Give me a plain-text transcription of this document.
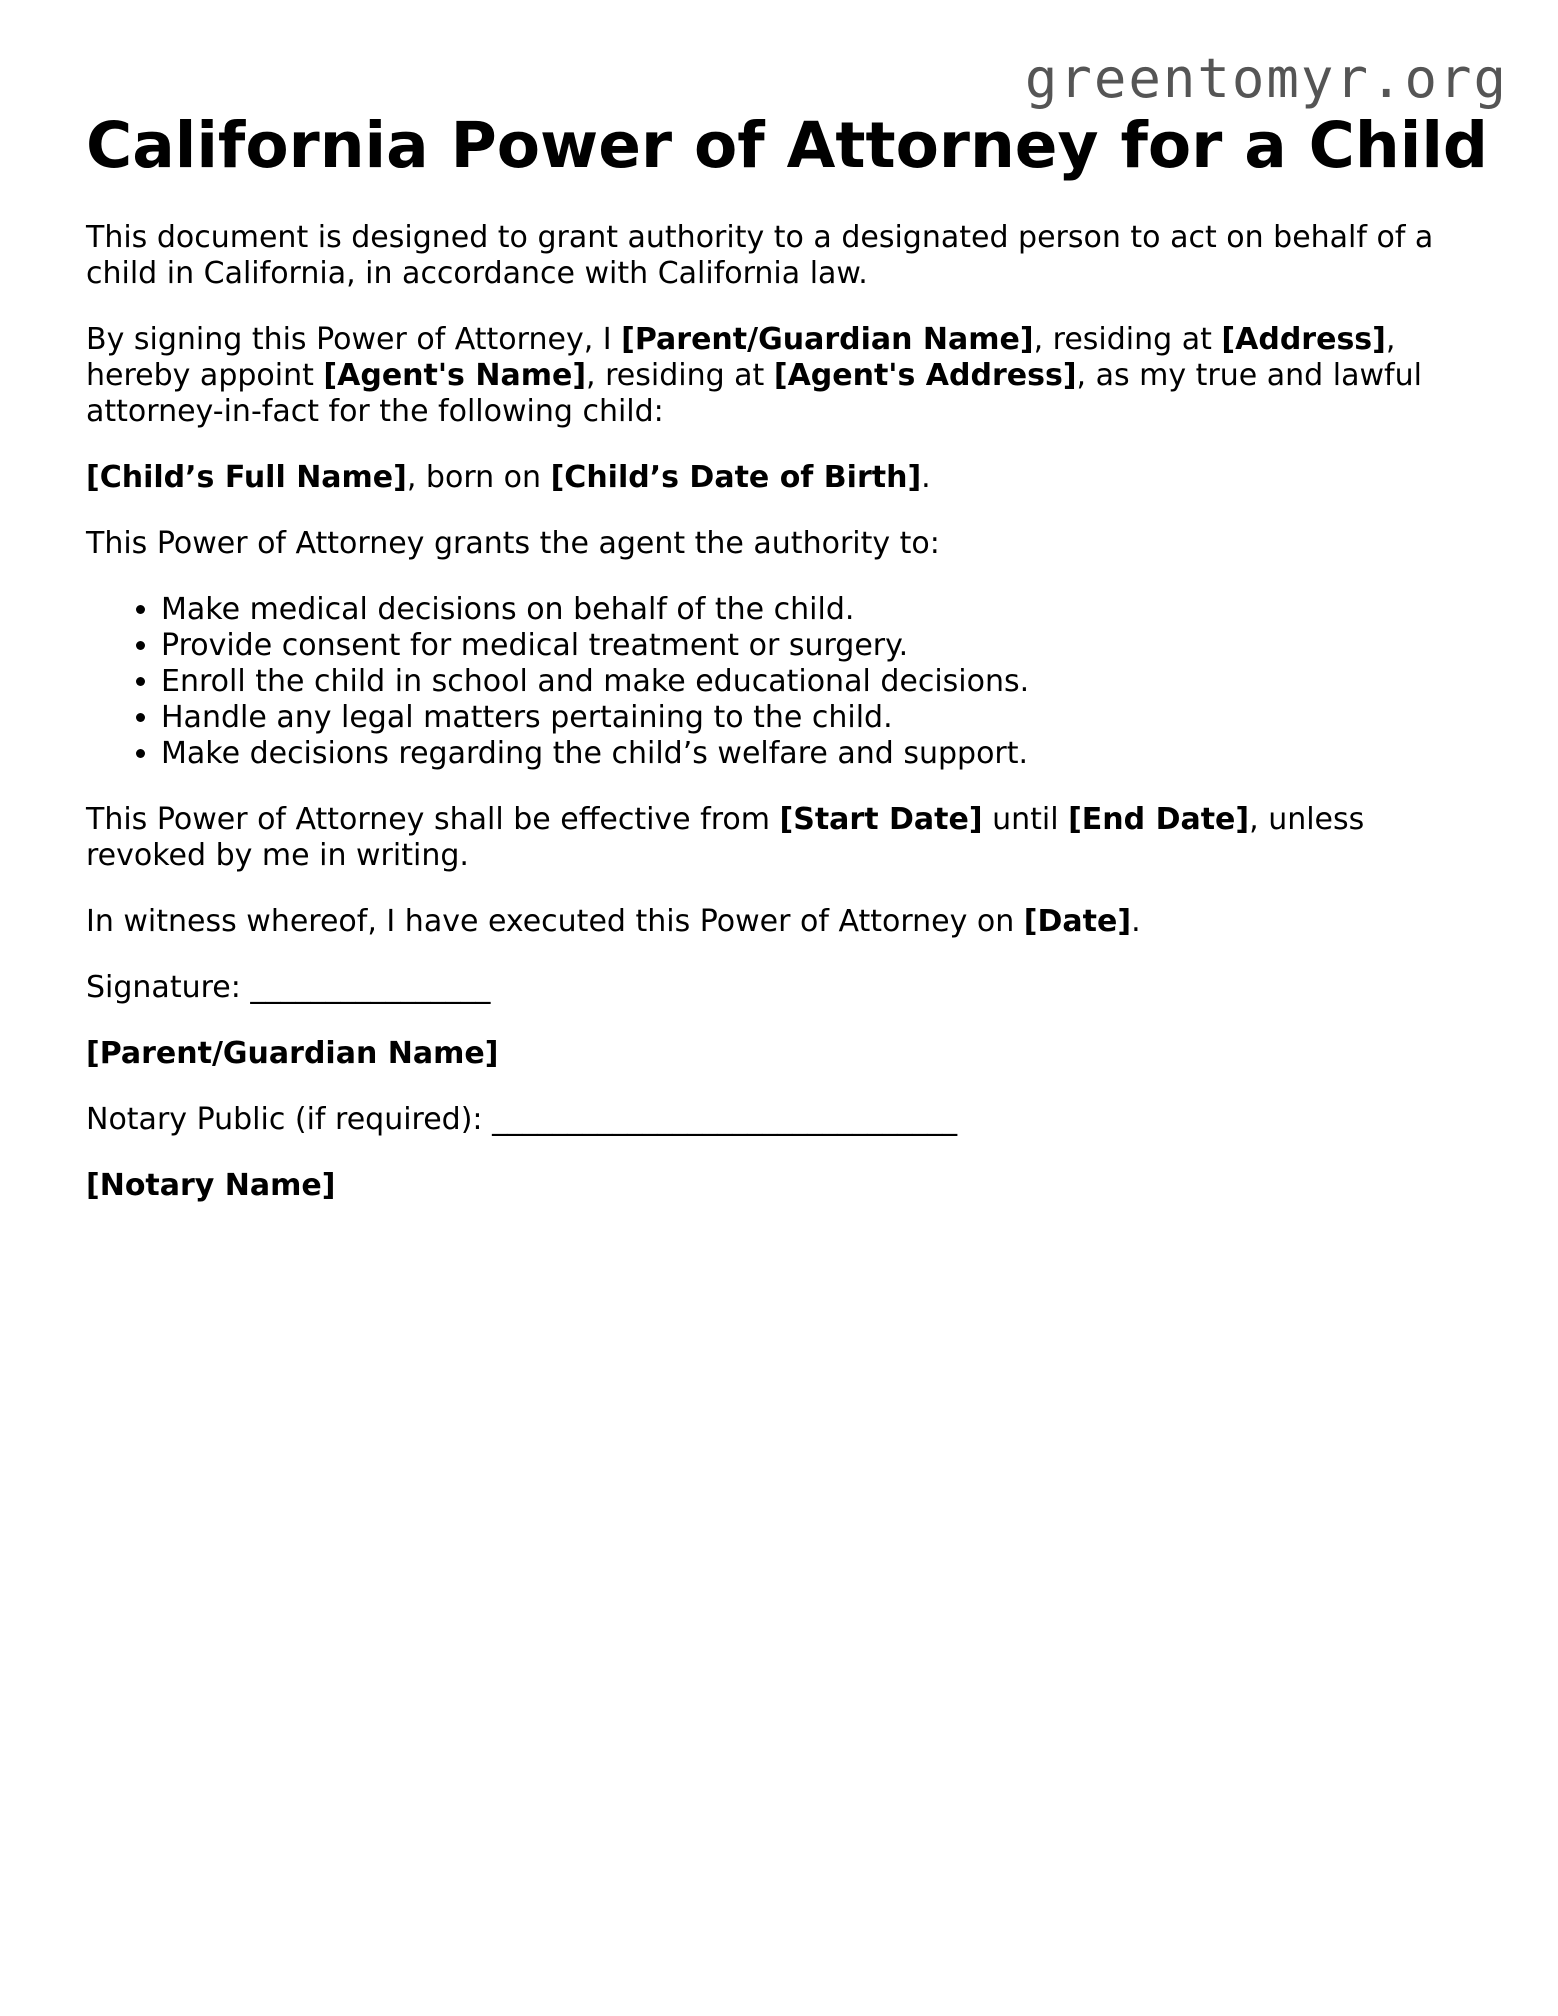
greentomyr.org
California Power of Attorney for a Child

This document is designed to grant authority to a designated person to act on behalf of a child in California, in accordance with California law.

By signing this Power of Attorney, I [Parent/Guardian Name], residing at [Address], hereby appoint [Agent's Name], residing at [Agent's Address], as my true and lawful attorney-in-fact for the following child:

[Child’s Full Name], born on [Child’s Date of Birth].

This Power of Attorney grants the agent the authority to:

• Make medical decisions on behalf of the child.
• Provide consent for medical treatment or surgery.
• Enroll the child in school and make educational decisions.
• Handle any legal matters pertaining to the child.
• Make decisions regarding the child’s welfare and support.

This Power of Attorney shall be effective from [Start Date] until [End Date], unless revoked by me in writing.

In witness whereof, I have executed this Power of Attorney on [Date].

Signature: ________________

[Parent/Guardian Name]

Notary Public (if required): _______________________________

[Notary Name]
